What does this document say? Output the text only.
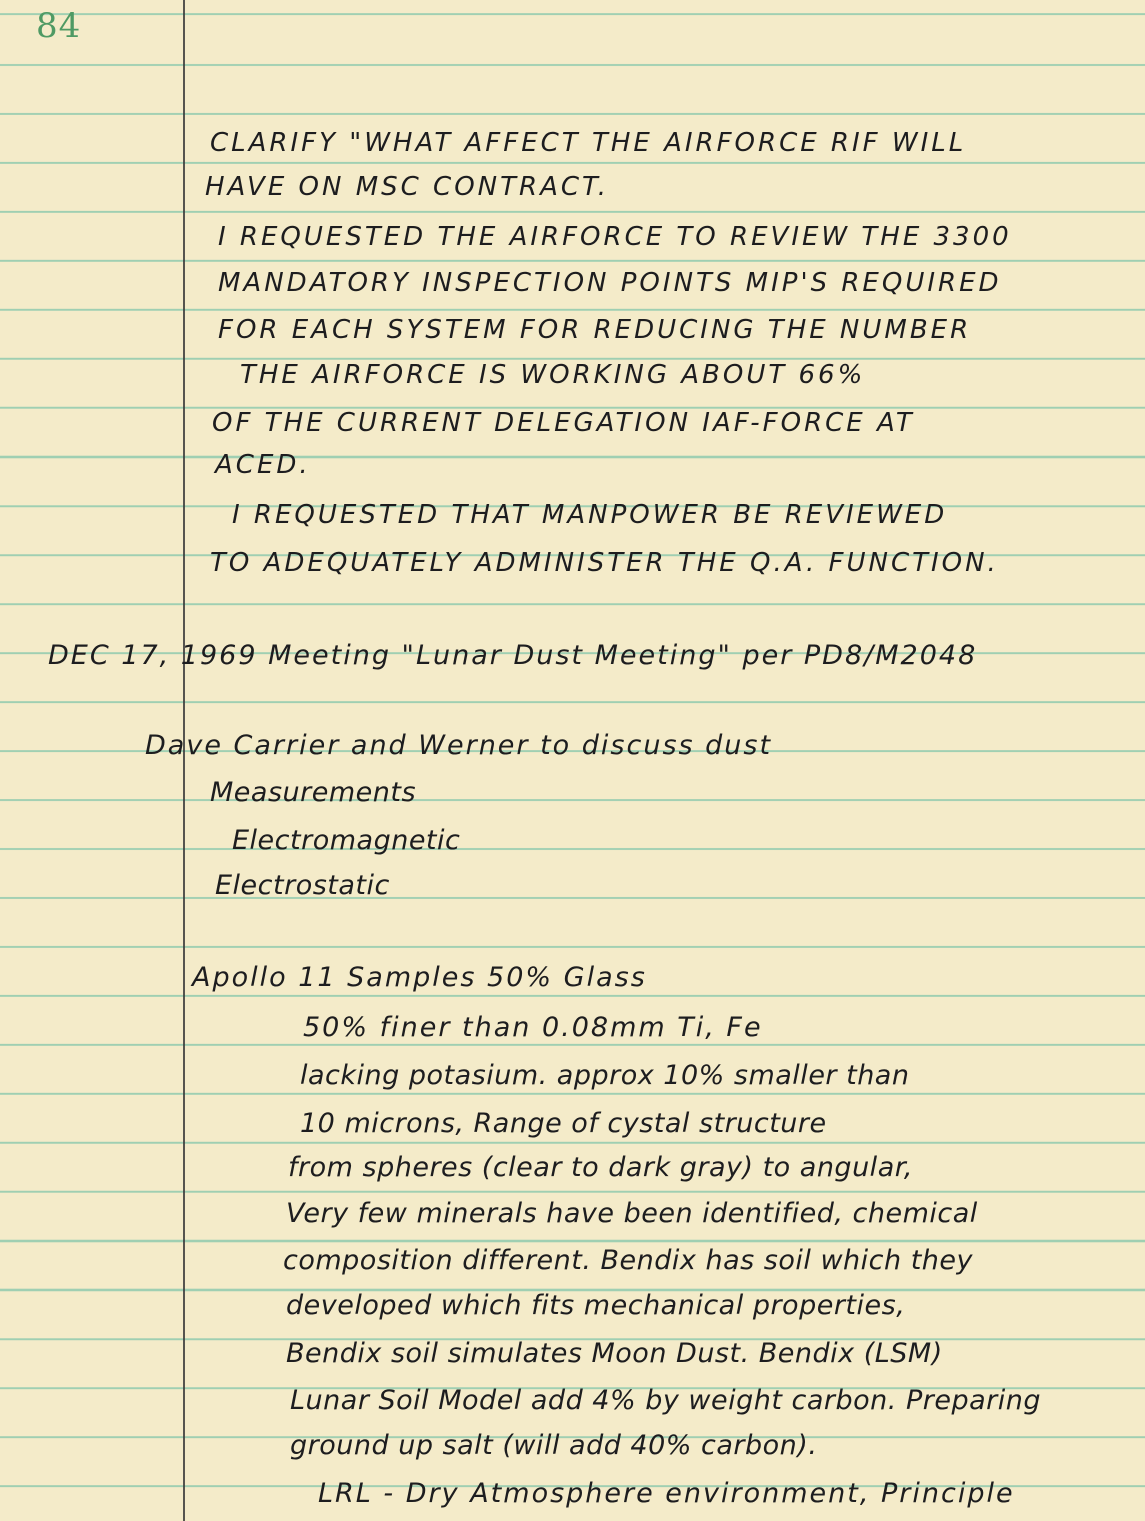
84
CLARIFY "WHAT AFFECT THE AIRFORCE RIF WILL
HAVE ON MSC CONTRACT.
I REQUESTED THE AIRFORCE TO REVIEW THE 3300
MANDATORY INSPECTION POINTS MIP'S REQUIRED
FOR EACH SYSTEM FOR REDUCING THE NUMBER
THE AIRFORCE IS WORKING ABOUT 66%
OF THE CURRENT DELEGATION IAF-FORCE AT
ACED.
I REQUESTED THAT MANPOWER BE REVIEWED
TO ADEQUATELY ADMINISTER THE Q.A. FUNCTION.
DEC 17, 1969 Meeting "Lunar Dust Meeting" per PD8/M2048
Dave Carrier and Werner to discuss dust
Measurements
Electromagnetic
Electrostatic
Apollo 11 Samples 50% Glass
50% finer than 0.08mm Ti, Fe
lacking potasium. approx 10% smaller than
10 microns, Range of cystal structure
from spheres (clear to dark gray) to angular,
Very few minerals have been identified, chemical
composition different. Bendix has soil which they
developed which fits mechanical properties,
Bendix soil simulates Moon Dust. Bendix (LSM)
Lunar Soil Model add 4% by weight carbon. Preparing
ground up salt (will add 40% carbon).
LRL - Dry Atmosphere environment, Principle
